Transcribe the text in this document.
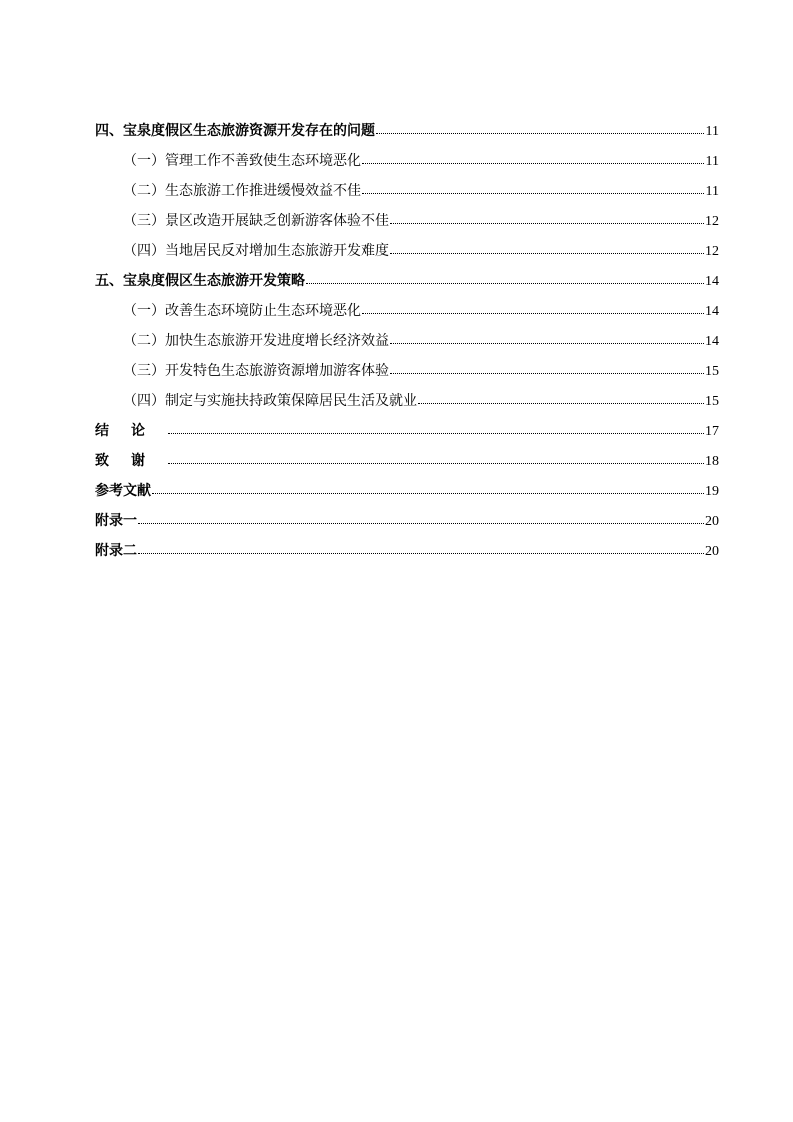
四、宝泉度假区生态旅游资源开发存在的问题	11
（一）管理工作不善致使生态环境恶化	11
（二）生态旅游工作推进缓慢效益不佳	11
（三）景区改造开展缺乏创新游客体验不佳	12
（四）当地居民反对增加生态旅游开发难度	12
五、宝泉度假区生态旅游开发策略	14
（一）改善生态环境防止生态环境恶化	14
（二）加快生态旅游开发进度增长经济效益	14
（三）开发特色生态旅游资源增加游客体验	15
（四）制定与实施扶持政策保障居民生活及就业	15
结论	17
致谢	18
参考文献	19
附录一	20
附录二	20
